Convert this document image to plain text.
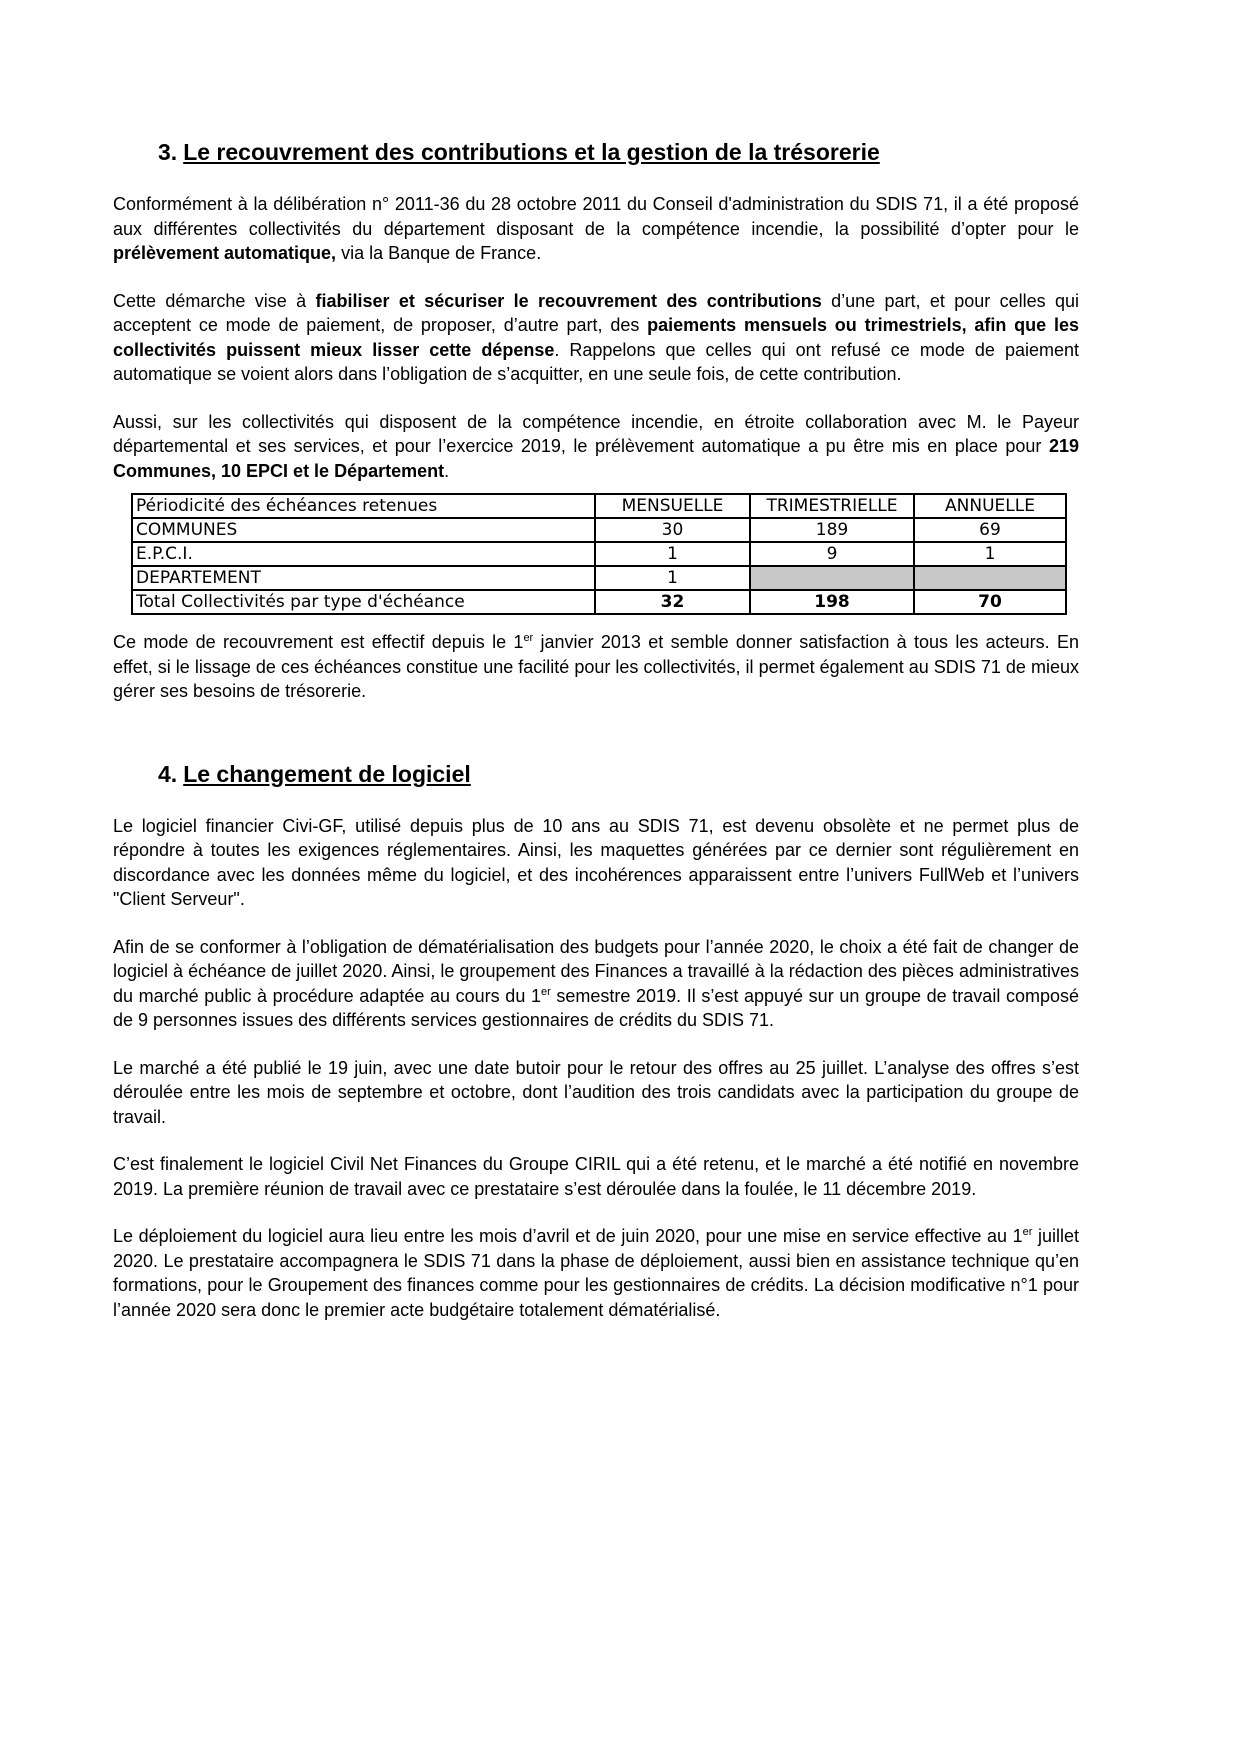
3. Le recouvrement des contributions et la gestion de la trésorerie

Conformément à la délibération n° 2011-36 du 28 octobre 2011 du Conseil d'administration du SDIS 71, il a été proposé aux différentes collectivités du département disposant de la compétence incendie, la possibilité d’opter pour le prélèvement automatique, via la Banque de France.

Cette démarche vise à fiabiliser et sécuriser le recouvrement des contributions d’une part, et pour celles qui acceptent ce mode de paiement, de proposer, d’autre part, des paiements mensuels ou trimestriels, afin que les collectivités puissent mieux lisser cette dépense. Rappelons que celles qui ont refusé ce mode de paiement automatique se voient alors dans l’obligation de s’acquitter, en une seule fois, de cette contribution.

Aussi, sur les collectivités qui disposent de la compétence incendie, en étroite collaboration avec M. le Payeur départemental et ses services, et pour l’exercice 2019, le prélèvement automatique a pu être mis en place pour 219 Communes, 10 EPCI et le Département.

Périodicité des échéances retenues	MENSUELLE	TRIMESTRIELLE	ANNUELLE
COMMUNES	30	189	69
E.P.C.I.	1	9	1
DEPARTEMENT	1		
Total Collectivités par type d'échéance	32	198	70

Ce mode de recouvrement est effectif depuis le 1er janvier 2013 et semble donner satisfaction à tous les acteurs. En effet, si le lissage de ces échéances constitue une facilité pour les collectivités, il permet également au SDIS 71 de mieux gérer ses besoins de trésorerie.

4. Le changement de logiciel

Le logiciel financier Civi-GF, utilisé depuis plus de 10 ans au SDIS 71, est devenu obsolète et ne permet plus de répondre à toutes les exigences réglementaires. Ainsi, les maquettes générées par ce dernier sont régulièrement en discordance avec les données même du logiciel, et des incohérences apparaissent entre l’univers FullWeb et l’univers "Client Serveur".

Afin de se conformer à l’obligation de dématérialisation des budgets pour l’année 2020, le choix a été fait de changer de logiciel à échéance de juillet 2020. Ainsi, le groupement des Finances a travaillé à la rédaction des pièces administratives du marché public à procédure adaptée au cours du 1er semestre 2019. Il s’est appuyé sur un groupe de travail composé de 9 personnes issues des différents services gestionnaires de crédits du SDIS 71.

Le marché a été publié le 19 juin, avec une date butoir pour le retour des offres au 25 juillet. L’analyse des offres s’est déroulée entre les mois de septembre et octobre, dont l’audition des trois candidats avec la participation du groupe de travail.

C’est finalement le logiciel Civil Net Finances du Groupe CIRIL qui a été retenu, et le marché a été notifié en novembre 2019. La première réunion de travail avec ce prestataire s’est déroulée dans la foulée, le 11 décembre 2019.

Le déploiement du logiciel aura lieu entre les mois d’avril et de juin 2020, pour une mise en service effective au 1er juillet 2020. Le prestataire accompagnera le SDIS 71 dans la phase de déploiement, aussi bien en assistance technique qu’en formations, pour le Groupement des finances comme pour les gestionnaires de crédits. La décision modificative n°1 pour l’année 2020 sera donc le premier acte budgétaire totalement dématérialisé.
